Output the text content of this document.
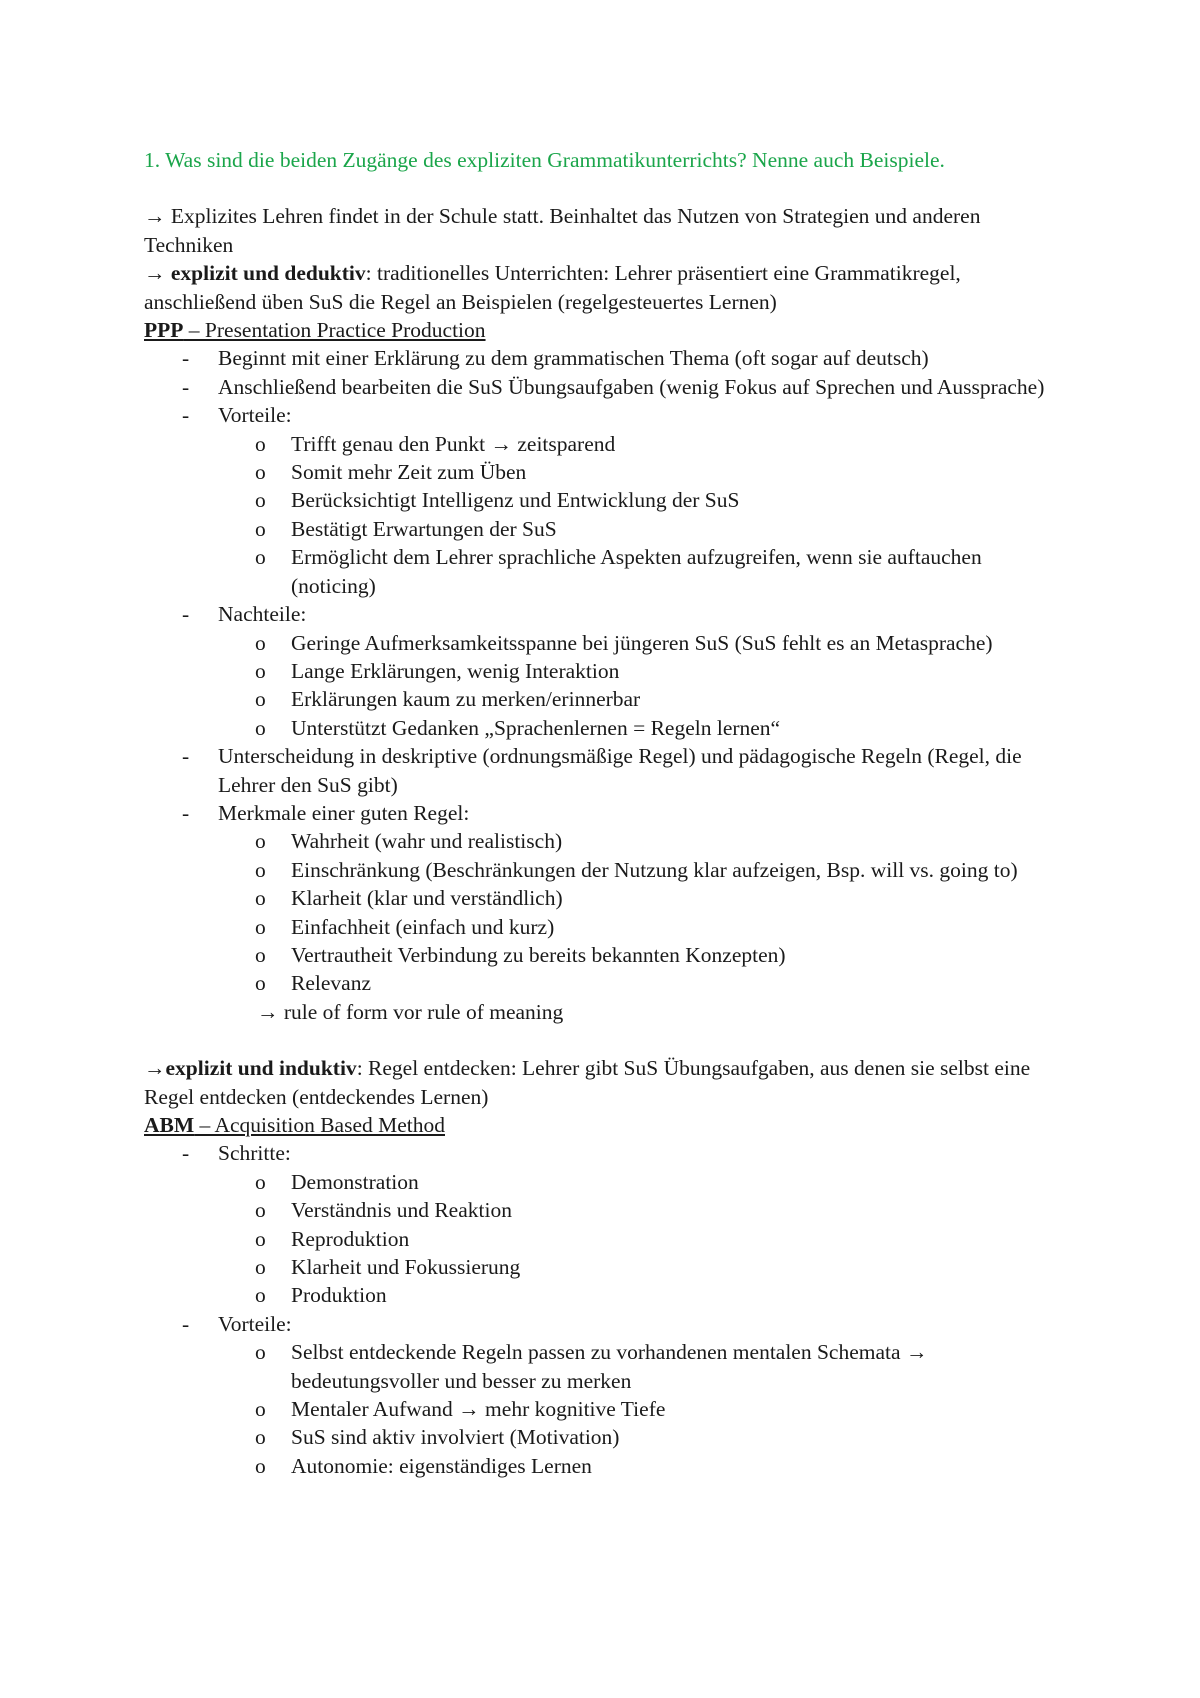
1. Was sind die beiden Zugänge des expliziten Grammatikunterrichts? Nenne auch Beispiele.

→ Explizites Lehren findet in der Schule statt. Beinhaltet das Nutzen von Strategien und anderen Techniken

→ explizit und deduktiv: traditionelles Unterrichten: Lehrer präsentiert eine Grammatikregel, anschließend üben SuS die Regel an Beispielen (regelgesteuertes Lernen)

PPP – Presentation Practice Production

- Beginnt mit einer Erklärung zu dem grammatischen Thema (oft sogar auf deutsch)
- Anschließend bearbeiten die SuS Übungsaufgaben (wenig Fokus auf Sprechen und Aussprache)
- Vorteile:
o Trifft genau den Punkt → zeitsparend
o Somit mehr Zeit zum Üben
o Berücksichtigt Intelligenz und Entwicklung der SuS
o Bestätigt Erwartungen der SuS
o Ermöglicht dem Lehrer sprachliche Aspekten aufzugreifen, wenn sie auftauchen (noticing)
- Nachteile:
o Geringe Aufmerksamkeitsspanne bei jüngeren SuS (SuS fehlt es an Metasprache)
o Lange Erklärungen, wenig Interaktion
o Erklärungen kaum zu merken/erinnerbar
o Unterstützt Gedanken „Sprachenlernen = Regeln lernen“
- Unterscheidung in deskriptive (ordnungsmäßige Regel) und pädagogische Regeln (Regel, die Lehrer den SuS gibt)
- Merkmale einer guten Regel:
o Wahrheit (wahr und realistisch)
o Einschränkung (Beschränkungen der Nutzung klar aufzeigen, Bsp. will vs. going to)
o Klarheit (klar und verständlich)
o Einfachheit (einfach und kurz)
o Vertrautheit Verbindung zu bereits bekannten Konzepten)
o Relevanz

→ rule of form vor rule of meaning

→explizit und induktiv: Regel entdecken: Lehrer gibt SuS Übungsaufgaben, aus denen sie selbst eine Regel entdecken (entdeckendes Lernen)

ABM – Acquisition Based Method

- Schritte:
o Demonstration
o Verständnis und Reaktion
o Reproduktion
o Klarheit und Fokussierung
o Produktion
- Vorteile:
o Selbst entdeckende Regeln passen zu vorhandenen mentalen Schemata → bedeutungsvoller und besser zu merken
o Mentaler Aufwand → mehr kognitive Tiefe
o SuS sind aktiv involviert (Motivation)
o Autonomie: eigenständiges Lernen
